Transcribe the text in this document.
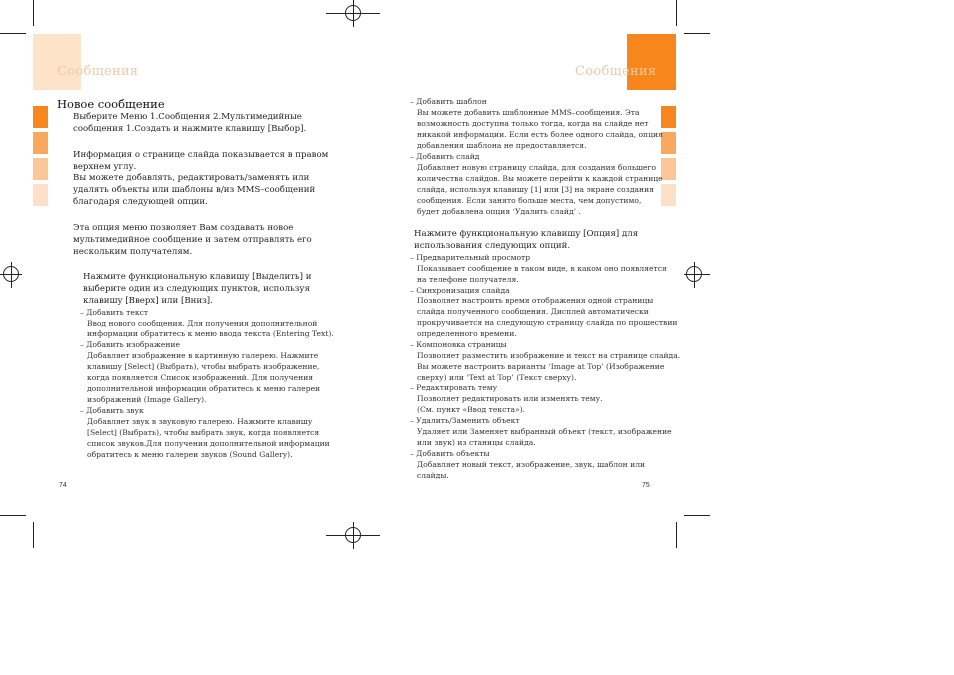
Сообщения	Сообщения
Новое сообщение
Выберите Меню 1.Сообщения 2.Мультимедийные
сообщения 1.Создать и нажмите клавишу [Выбор].
Информация о странице слайда показывается в правом
верхнем углу.
Вы можете добавлять, редактировать/заменять или
удалять объекты или шаблоны в/из MMS–сообщений
благодаря следующей опции.
Эта опция меню позволяет Вам создавать новое
мультимедийное сообщение и затем отправлять его
нескольким получателям.
Нажмите функциональную клавишу [Выделить] и
выберите один из следующих пунктов, используя
клавишу [Вверх] или [Вниз].
– Добавить текст
Ввод нового сообщения. Для получения дополнительной
информации обратитесь к меню ввода текста (Entering Text).
– Добавить изображение
Добавляет изображение в картинную галерею. Нажмите
клавишу [Select] (Выбрать), чтобы выбрать изображение,
когда появляется Список изображений. Для получения
дополнительной информации обратитесь к меню галереи
изображений (Image Gallery).
– Добавить звук
Добавляет звук в звуковую галерею. Нажмите клавишу
[Select] (Выбрать), чтобы выбрать звук, когда появляется
список звуков.Для получения дополнительной информации
обратитесь к меню галереи звуков (Sound Gallery).
74
– Добавить шаблон
Вы можете добавить шаблонные MMS–сообщения. Эта
возможность доступна только тогда, когда на слайде нет
никакой информации. Если есть более одного слайда, опция
добавления шаблона не предоставляется.
– Добавить слайд
Добавляет новую страницу слайда, для создания большего
количества слайдов. Вы можете перейти к каждой странице
слайда, используя клавишу [1] или [3] на экране создания
сообщения. Если занято больше места, чем допустимо,
будет добавлена опция ‘Удалить слайд’ .
Нажмите функциональную клавишу [Опция] для
использования следующих опций.
– Предварительный просмотр
Показывает сообщение в таком виде, в каком оно появляется
на телефоне получателя.
– Синхронизация слайда
Позволяет настроить время отображения одной страницы
слайда полученного сообщения. Дисплей автоматически
прокручивается на следующую страницу слайда по прошествии
определенного времени.
– Компоновка страницы
Позволяет разместить изображение и текст на странице слайда.
Вы можете настроить варианты ‘Image at Top’ (Изображение
сверху) или ‘Text at Top’ (Текст сверху).
– Редактировать тему
Позволяет редактировать или изменять тему.
(См. пункт «Ввод текста»).
– Удалить/Заменить объект
Удаляет или Заменяет выбранный объект (текст, изображение
или звук) из станицы слайда.
– Добавить объекты
Добавляет новый текст, изображение, звук, шаблон или
слайды.
75
